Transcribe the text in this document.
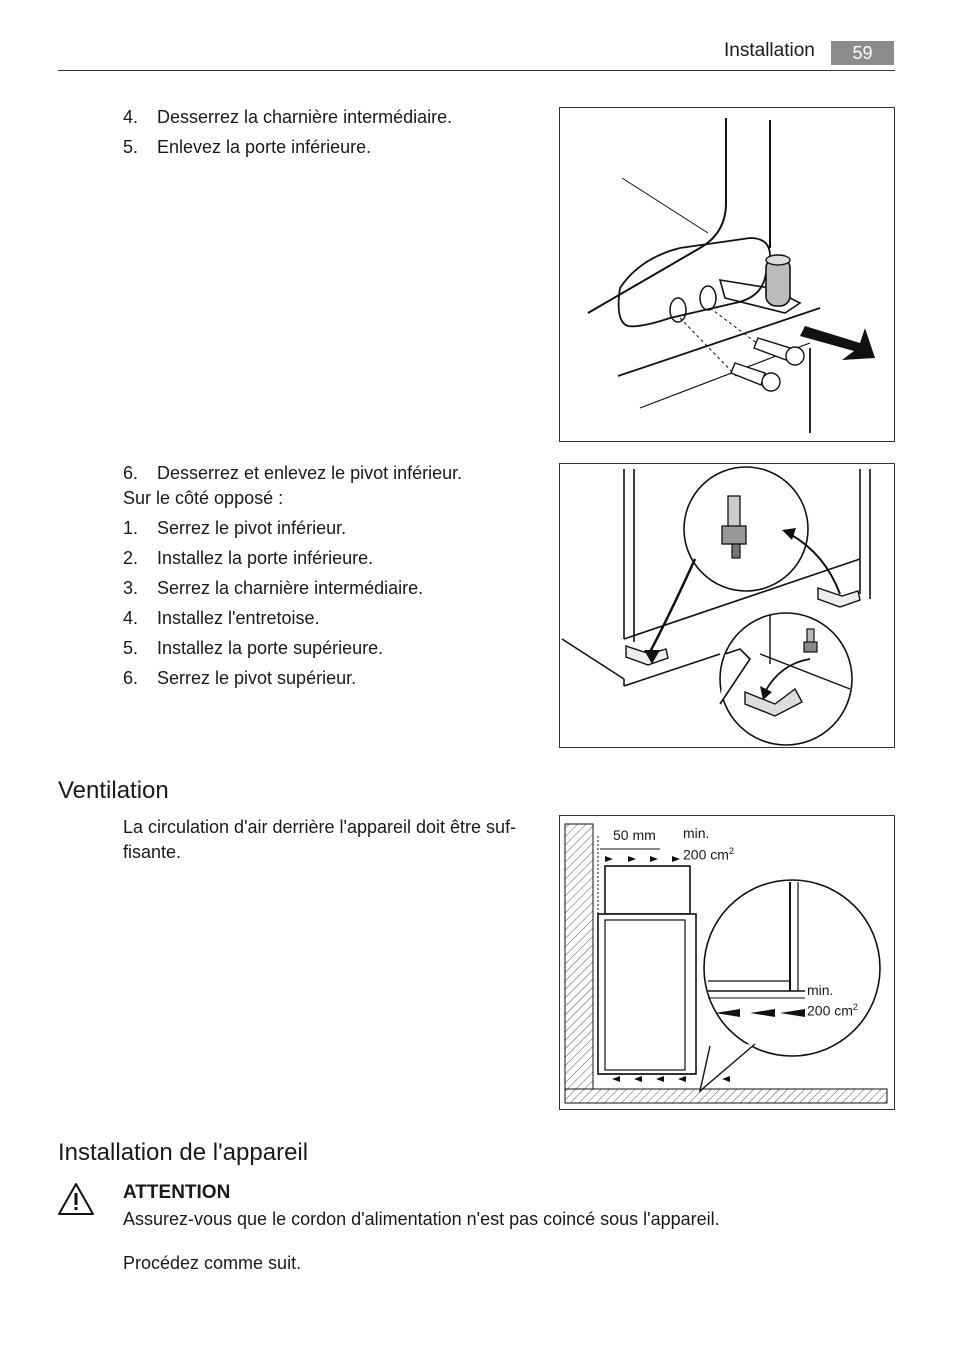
Installation	59
4. Desserrez la charnière intermédiaire.
5. Enlevez la porte inférieure.
6. Desserrez et enlevez le pivot inférieur.
Sur le côté opposé :
1. Serrez le pivot inférieur.
2. Installez la porte inférieure.
3. Serrez la charnière intermédiaire.
4. Installez l'entretoise.
5. Installez la porte supérieure.
6. Serrez le pivot supérieur.
Ventilation
La circulation d'air derrière l'appareil doit être suf-
fisante.
50 mm min.
200 $cm^2$
min.
200 $cm^2$
Installation de l'appareil
ATTENTION
Assurez-vous que le cordon d'alimentation n'est pas coincé sous l'appareil.
Procédez comme suit.
